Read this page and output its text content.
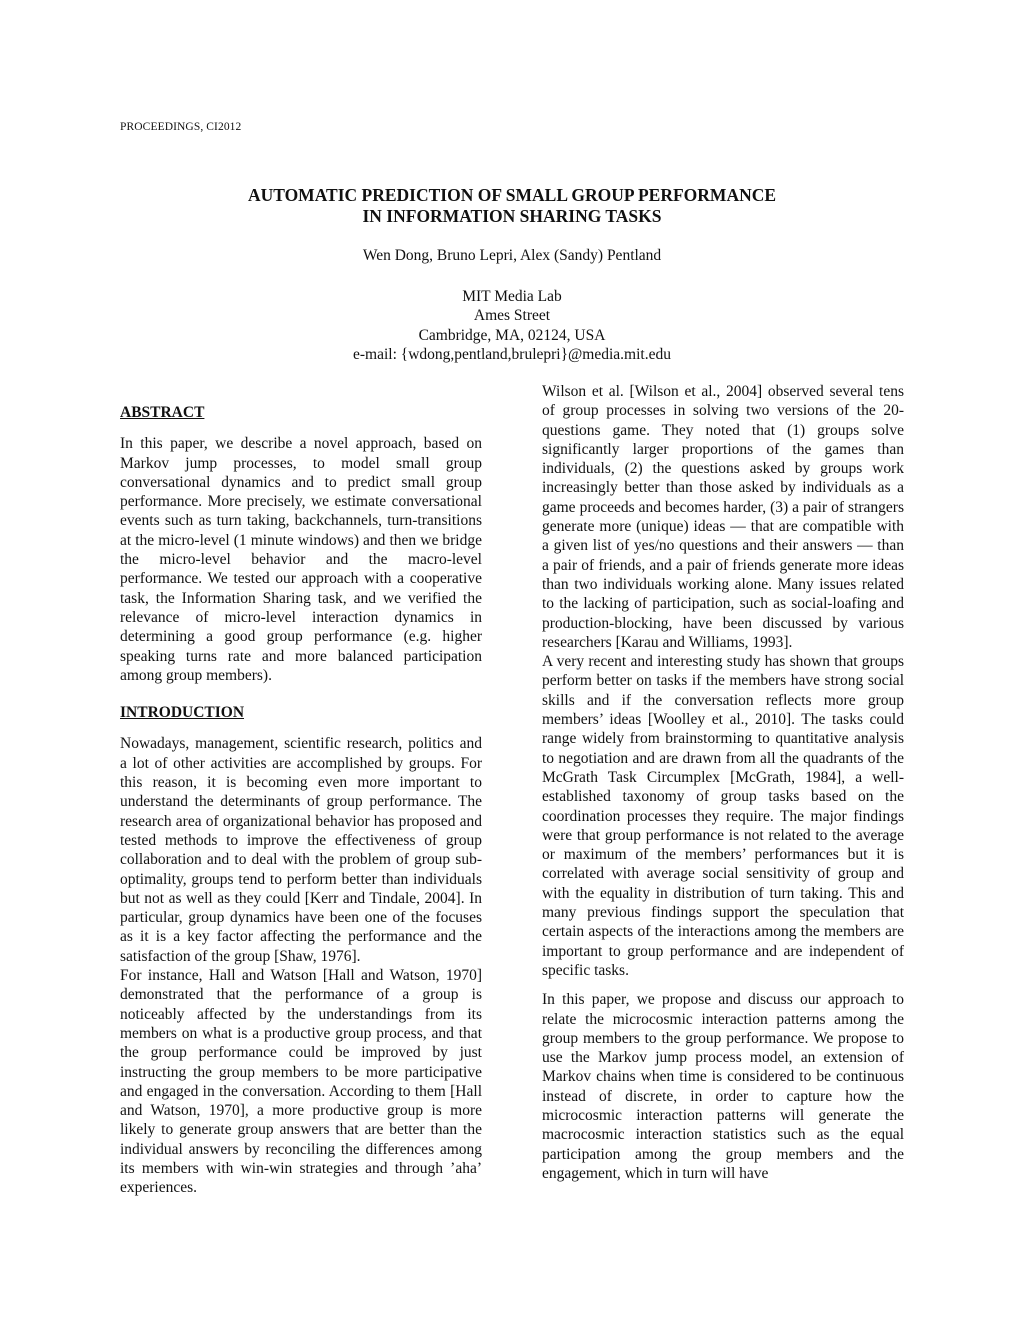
PROCEEDINGS, CI2012
AUTOMATIC PREDICTION OF SMALL GROUP PERFORMANCE
IN INFORMATION SHARING TASKS
Wen Dong, Bruno Lepri, Alex (Sandy) Pentland
MIT Media Lab
Ames Street
Cambridge, MA, 02124, USA
e-mail: {wdong,pentland,brulepri}@media.mit.edu
ABSTRACT

In this paper, we describe a novel approach, based on Markov jump processes, to model small group conversational dynamics and to predict small group performance. More precisely, we estimate conversational events such as turn taking, backchannels, turn-transitions at the micro-level (1 minute windows) and then we bridge the micro-level behavior and the macro-level performance. We tested our approach with a cooperative task, the Information Sharing task, and we verified the relevance of micro-level interaction dynamics in determining a good group performance (e.g. higher speaking turns rate and more balanced participation among group members).

INTRODUCTION

Nowadays, management, scientific research, politics and a lot of other activities are accomplished by groups. For this reason, it is becoming even more important to understand the determinants of group performance. The research area of organizational behavior has proposed and tested methods to improve the effectiveness of group collaboration and to deal with the problem of group sub-optimality, groups tend to perform better than individuals but not as well as they could [Kerr and Tindale, 2004]. In particular, group dynamics have been one of the focuses as it is a key factor affecting the performance and the satisfaction of the group [Shaw, 1976].

For instance, Hall and Watson [Hall and Watson, 1970] demonstrated that the performance of a group is noticeably affected by the understandings from its members on what is a productive group process, and that the group performance could be improved by just instructing the group members to be more participative and engaged in the conversation. According to them [Hall and Watson, 1970], a more productive group is more likely to generate group answers that are better than the individual answers by reconciling the differences among its members with win-win strategies and through ’aha’ experiences.

Wilson et al. [Wilson et al., 2004] observed several tens of group processes in solving two versions of the 20-questions game. They noted that (1) groups solve significantly larger proportions of the games than individuals, (2) the questions asked by groups work increasingly better than those asked by individuals as a game proceeds and becomes harder, (3) a pair of strangers generate more (unique) ideas — that are compatible with a given list of yes/no questions and their answers — than a pair of friends, and a pair of friends generate more ideas than two individuals working alone. Many issues related to the lacking of participation, such as social-loafing and production-blocking, have been discussed by various researchers [Karau and Williams, 1993].

A very recent and interesting study has shown that groups perform better on tasks if the members have strong social skills and if the conversation reflects more group members’ ideas [Woolley et al., 2010]. The tasks could range widely from brainstorming to quantitative analysis to negotiation and are drawn from all the quadrants of the McGrath Task Circumplex [McGrath, 1984], a well-established taxonomy of group tasks based on the coordination processes they require. The major findings were that group performance is not related to the average or maximum of the members’ performances but it is correlated with average social sensitivity of group and with the equality in distribution of turn taking. This and many previous findings support the speculation that certain aspects of the interactions among the members are important to group performance and are independent of specific tasks.

In this paper, we propose and discuss our approach to relate the microcosmic interaction patterns among the group members to the group performance. We propose to use the Markov jump process model, an extension of Markov chains when time is considered to be continuous instead of discrete, in order to capture how the microcosmic interaction patterns will generate the macrocosmic interaction statistics such as the equal participation among the group members and the engagement, which in turn will have
